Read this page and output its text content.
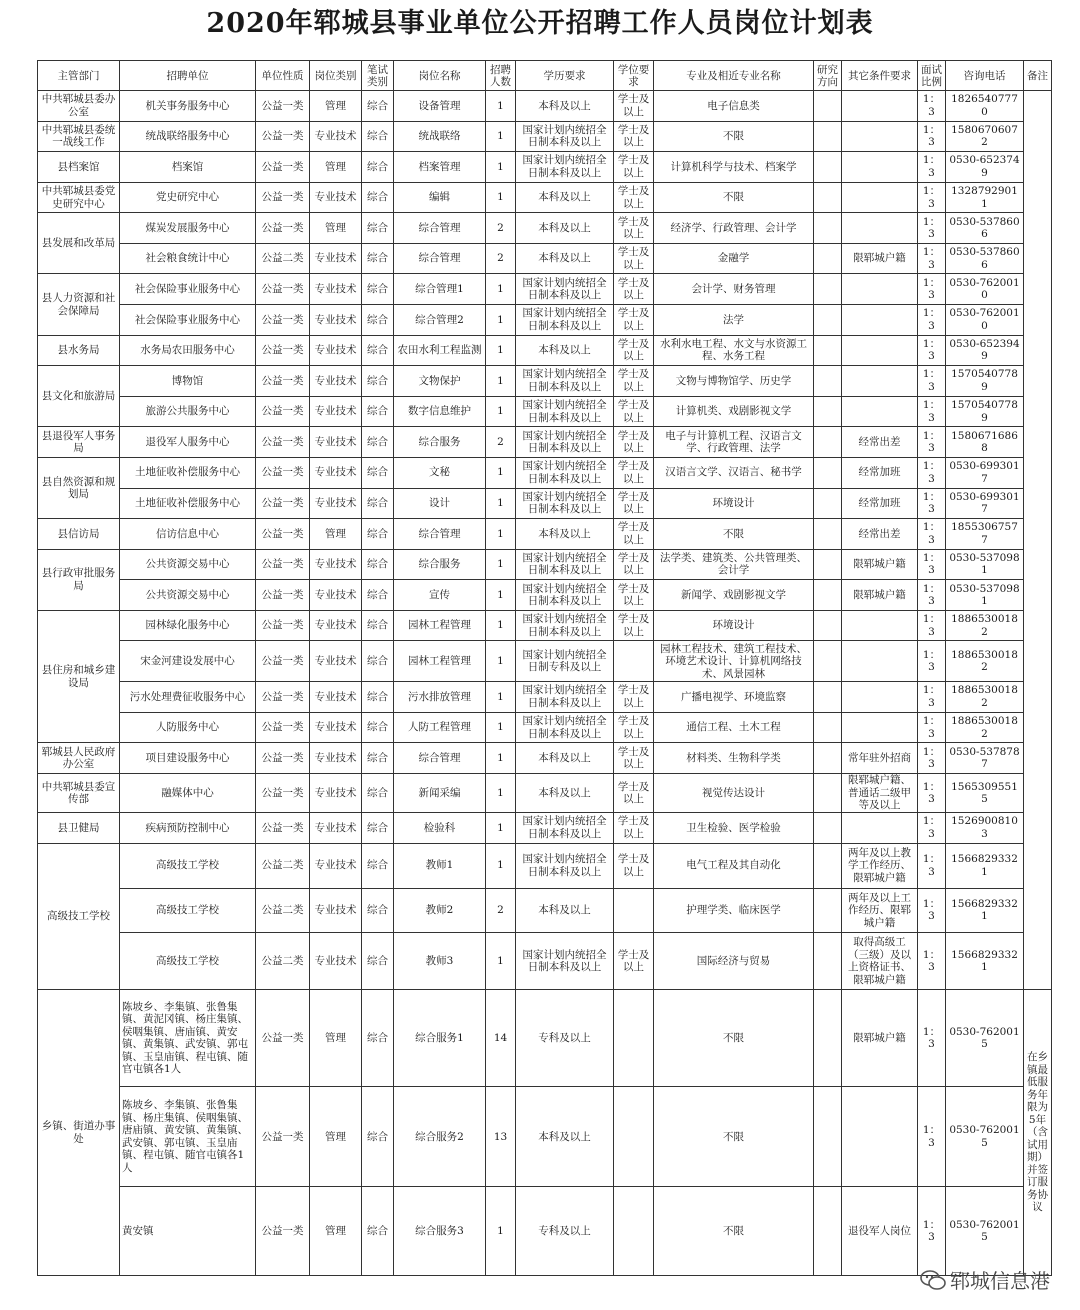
2020年郓城县事业单位公开招聘工作人员岗位计划表
主管部门	招聘单位	单位性质	岗位类别	笔试类别	岗位名称	招聘人数	学历要求	学位要求	专业及相近专业名称	研究方向	其它条件要求	面试比例	咨询电话	备注
中共郓城县委办公室	机关事务服务中心	公益一类	管理	综合	设备管理	1	本科及以上	学士及以上	电子信息类			1：3	18265407770	
中共郓城县委统一战线工作	统战联络服务中心	公益一类	专业技术	综合	统战联络	1	国家计划内统招全日制本科及以上	学士及以上	不限			1：3	15806706072	
县档案馆	档案馆	公益一类	管理	综合	档案管理	1	国家计划内统招全日制本科及以上	学士及以上	计算机科学与技术、档案学			1：3	0530-6523749	
中共郓城县委党史研究中心	党史研究中心	公益一类	专业技术	综合	编辑	1	本科及以上	学士及以上	不限			1：3	13287929011	
县发展和改革局	煤炭发展服务中心	公益一类	管理	综合	综合管理	2	本科及以上	学士及以上	经济学、行政管理、会计学			1：3	0530-5378606	
	社会粮食统计中心	公益二类	专业技术	综合	综合管理	2	本科及以上	学士及以上	金融学		限郓城户籍	1：3	0530-5378606	
县人力资源和社会保障局	社会保险事业服务中心	公益一类	专业技术	综合	综合管理1	1	国家计划内统招全日制本科及以上	学士及以上	会计学、财务管理			1：3	0530-7620010	
	社会保险事业服务中心	公益一类	专业技术	综合	综合管理2	1	国家计划内统招全日制本科及以上	学士及以上	法学			1：3	0530-7620010	
县水务局	水务局农田服务中心	公益一类	专业技术	综合	农田水利工程监测	1	本科及以上	学士及以上	水利水电工程、水文与水资源工程、水务工程			1：3	0530-6523949	
县文化和旅游局	博物馆	公益一类	专业技术	综合	文物保护	1	国家计划内统招全日制本科及以上	学士及以上	文物与博物馆学、历史学			1：3	15705407789	
	旅游公共服务中心	公益一类	专业技术	综合	数字信息维护	1	国家计划内统招全日制本科及以上	学士及以上	计算机类、戏剧影视文学			1：3	15705407789	
县退役军人事务局	退役军人服务中心	公益一类	专业技术	综合	综合服务	2	国家计划内统招全日制本科及以上	学士及以上	电子与计算机工程、汉语言文学、行政管理、法学		经常出差	1：3	15806716868	
县自然资源和规划局	土地征收补偿服务中心	公益一类	专业技术	综合	文秘	1	国家计划内统招全日制本科及以上	学士及以上	汉语言文学、汉语言、秘书学		经常加班	1：3	0530-6993017	
	土地征收补偿服务中心	公益一类	专业技术	综合	设计	1	国家计划内统招全日制本科及以上	学士及以上	环境设计		经常加班	1：3	0530-6993017	
县信访局	信访信息中心	公益一类	管理	综合	综合管理	1	本科及以上	学士及以上	不限		经常出差	1：3	18553067577	
县行政审批服务局	公共资源交易中心	公益一类	专业技术	综合	综合服务	1	国家计划内统招全日制本科及以上	学士及以上	法学类、建筑类、公共管理类、会计学		限郓城户籍	1：3	0530-5370981	
	公共资源交易中心	公益一类	专业技术	综合	宣传	1	国家计划内统招全日制本科及以上	学士及以上	新闻学、戏剧影视文学		限郓城户籍	1：3	0530-5370981	
县住房和城乡建设局	园林绿化服务中心	公益一类	专业技术	综合	园林工程管理	1	国家计划内统招全日制本科及以上	学士及以上	环境设计			1：3	18865300182	
	宋金河建设发展中心	公益一类	专业技术	综合	园林工程管理	1	国家计划内统招全日制专科及以上		园林工程技术、建筑工程技术、环境艺术设计、计算机网络技术、风景园林			1：3	18865300182	
	污水处理费征收服务中心	公益一类	专业技术	综合	污水排放管理	1	国家计划内统招全日制本科及以上	学士及以上	广播电视学、环境监察			1：3	18865300182	
	人防服务中心	公益一类	专业技术	综合	人防工程管理	1	国家计划内统招全日制本科及以上	学士及以上	通信工程、土木工程			1：3	18865300182	
郓城县人民政府办公室	项目建设服务中心	公益一类	专业技术	综合	综合管理	1	本科及以上	学士及以上	材料类、生物科学类		常年驻外招商	1：3	0530-5378787	
中共郓城县委宣传部	融媒体中心	公益一类	专业技术	综合	新闻采编	1	本科及以上	学士及以上	视觉传达设计		限郓城户籍、普通话二级甲等及以上	1：3	15653095515	
县卫健局	疾病预防控制中心	公益一类	专业技术	综合	检验科	1	国家计划内统招全日制本科及以上	学士及以上	卫生检验、医学检验			1：3	15269008103	
高级技工学校	高级技工学校	公益二类	专业技术	综合	教师1	1	国家计划内统招全日制本科及以上	学士及以上	电气工程及其自动化		两年及以上教学工作经历、限郓城户籍	1：3	15668293321	
	高级技工学校	公益二类	专业技术	综合	教师2	2	本科及以上		护理学类、临床医学		两年及以上工作经历、限郓城户籍	1：3	15668293321	
	高级技工学校	公益二类	专业技术	综合	教师3	1	国家计划内统招全日制本科及以上	学士及以上	国际经济与贸易		取得高级工（三级）及以上资格证书、限郓城户籍	1：3	15668293321	
乡镇、街道办事处	陈坡乡、李集镇、张鲁集镇、黄泥冈镇、杨庄集镇、侯咽集镇、唐庙镇、黄安镇、黄集镇、武安镇、郭屯镇、玉皇庙镇、程屯镇、随官屯镇各1人	公益一类	管理	综合	综合服务1	14	专科及以上		不限		限郓城户籍	1：3	0530-7620015	在乡镇最低服务年限为5年（含试用期）并签订服务协议
	陈坡乡、李集镇、张鲁集镇、杨庄集镇、侯咽集镇、唐庙镇、黄安镇、黄集镇、武安镇、郭屯镇、玉皇庙镇、程屯镇、随官屯镇各1人	公益一类	管理	综合	综合服务2	13	本科及以上		不限			1：3	0530-7620015	
	黄安镇	公益一类	管理	综合	综合服务3	1	专科及以上		不限		退役军人岗位	1：3	0530-7620015	
郓城信息港
